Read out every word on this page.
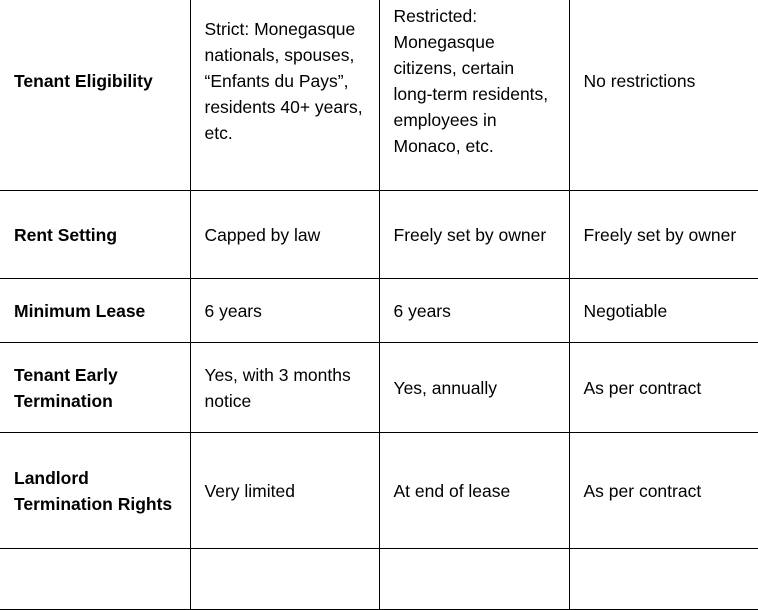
Tenant Eligibility	Strict: Monegasque nationals, spouses, “Enfants du Pays”, residents 40+ years, etc.	Restricted: Monegasque citizens, certain long-term residents, employees in Monaco, etc.	No restrictions
Rent Setting	Capped by law	Freely set by owner	Freely set by owner
Minimum Lease	6 years	6 years	Negotiable
Tenant Early Termination	Yes, with 3 months notice	Yes, annually	As per contract
Landlord Termination Rights	Very limited	At end of lease	As per contract
